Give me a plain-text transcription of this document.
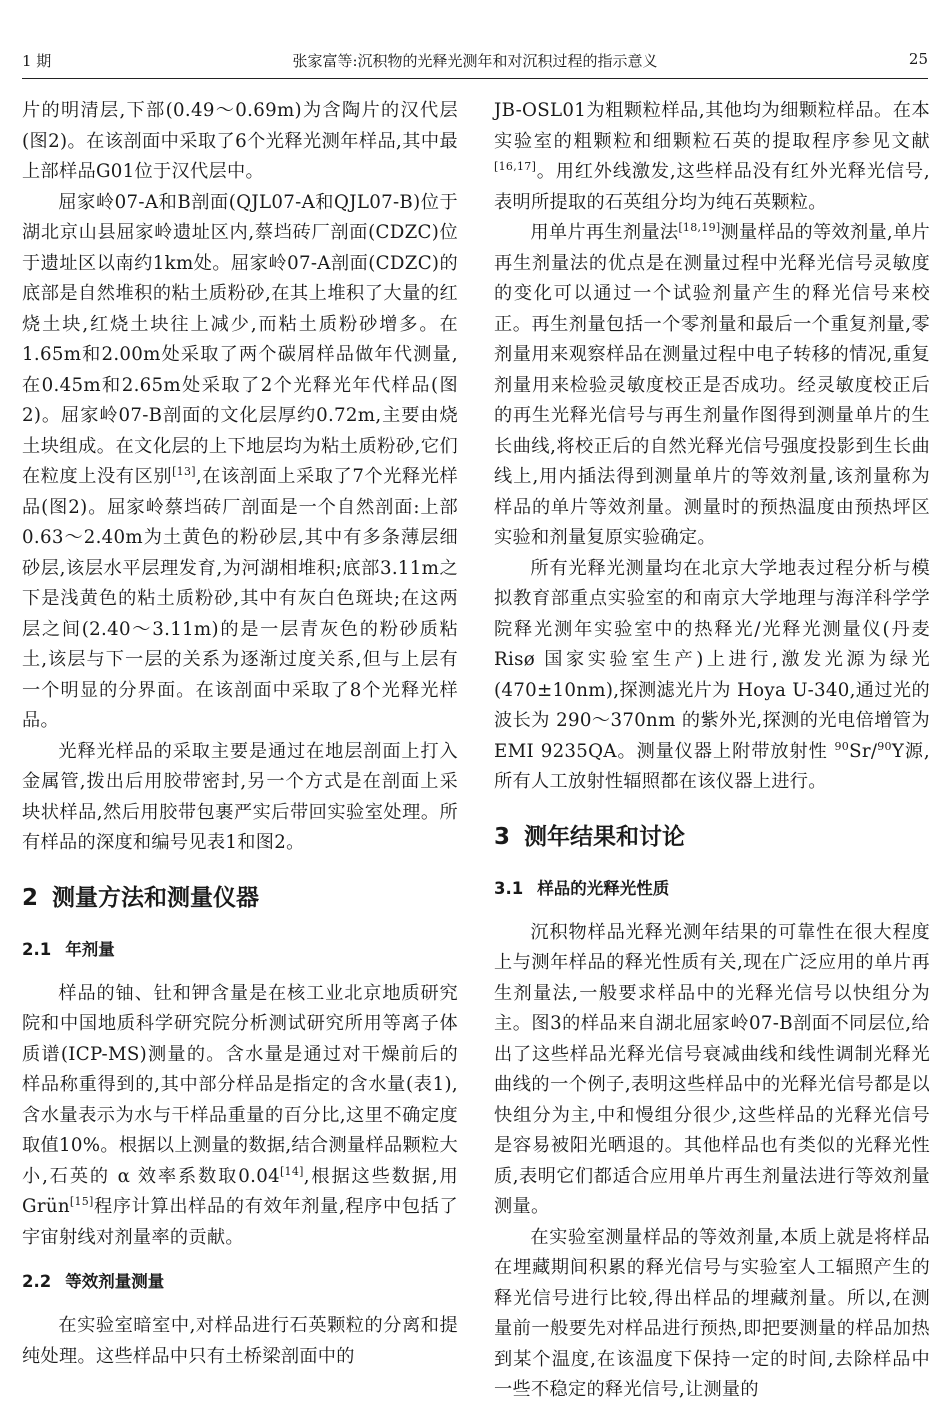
1 期	张家富等:沉积物的光释光测年和对沉积过程的指示意义	25

片的明清层,下部(0.49～0.69m)为含陶片的汉代层(图2)。在该剖面中采取了6个光释光测年样品,其中最上部样品G01位于汉代层中。

屈家岭07-A和B剖面(QJL07-A和QJL07-B)位于湖北京山县屈家岭遗址区内,蔡垱砖厂剖面(CDZC)位于遗址区以南约1km处。屈家岭07-A剖面(CDZC)的底部是自然堆积的粘土质粉砂,在其上堆积了大量的红烧土块,红烧土块往上减少,而粘土质粉砂增多。在1.65m和2.00m处采取了两个碳屑样品做年代测量,在0.45m和2.65m处采取了2个光释光年代样品(图2)。屈家岭07-B剖面的文化层厚约0.72m,主要由烧土块组成。在文化层的上下地层均为粘土质粉砂,它们在粒度上没有区别[13],在该剖面上采取了7个光释光样品(图2)。屈家岭蔡垱砖厂剖面是一个自然剖面:上部0.63～2.40m为土黄色的粉砂层,其中有多条薄层细砂层,该层水平层理发育,为河湖相堆积;底部3.11m之下是浅黄色的粘土质粉砂,其中有灰白色斑块;在这两层之间(2.40～3.11m)的是一层青灰色的粉砂质粘土,该层与下一层的关系为逐渐过度关系,但与上层有一个明显的分界面。在该剖面中采取了8个光释光样品。

光释光样品的采取主要是通过在地层剖面上打入金属管,拨出后用胶带密封,另一个方式是在剖面上采块状样品,然后用胶带包裹严实后带回实验室处理。所有样品的深度和编号见表1和图2。

2 测量方法和测量仪器
2.1 年剂量

样品的铀、钍和钾含量是在核工业北京地质研究院和中国地质科学研究院分析测试研究所用等离子体质谱(ICP-MS)测量的。含水量是通过对干燥前后的样品称重得到的,其中部分样品是指定的含水量(表1),含水量表示为水与干样品重量的百分比,这里不确定度取值10%。根据以上测量的数据,结合测量样品颗粒大小,石英的 α 效率系数取0.04[14],根据这些数据,用Grün[15]程序计算出样品的有效年剂量,程序中包括了宇宙射线对剂量率的贡献。

2.2 等效剂量测量

在实验室暗室中,对样品进行石英颗粒的分离和提纯处理。这些样品中只有土桥梁剖面中的

JB-OSL01为粗颗粒样品,其他均为细颗粒样品。在本实验室的粗颗粒和细颗粒石英的提取程序参见文献[16,17]。用红外线激发,这些样品没有红外光释光信号,表明所提取的石英组分均为纯石英颗粒。

用单片再生剂量法[18,19]测量样品的等效剂量,单片再生剂量法的优点是在测量过程中光释光信号灵敏度的变化可以通过一个试验剂量产生的释光信号来校正。再生剂量包括一个零剂量和最后一个重复剂量,零剂量用来观察样品在测量过程中电子转移的情况,重复剂量用来检验灵敏度校正是否成功。经灵敏度校正后的再生光释光信号与再生剂量作图得到测量单片的生长曲线,将校正后的自然光释光信号强度投影到生长曲线上,用内插法得到测量单片的等效剂量,该剂量称为样品的单片等效剂量。测量时的预热温度由预热坪区实验和剂量复原实验确定。

所有光释光测量均在北京大学地表过程分析与模拟教育部重点实验室的和南京大学地理与海洋科学学院释光测年实验室中的热释光/光释光测量仪(丹麦 Risø 国家实验室生产)上进行,激发光源为绿光(470±10nm),探测滤光片为 Hoya U-340,通过光的波长为 290～370nm 的紫外光,探测的光电倍增管为 EMI 9235QA。测量仪器上附带放射性 $^{90}$Sr/$^{90}$Y源,所有人工放射性辐照都在该仪器上进行。

3 测年结果和讨论
3.1 样品的光释光性质

沉积物样品光释光测年结果的可靠性在很大程度上与测年样品的释光性质有关,现在广泛应用的单片再生剂量法,一般要求样品中的光释光信号以快组分为主。图3的样品来自湖北屈家岭07-B剖面不同层位,给出了这些样品光释光信号衰减曲线和线性调制光释光曲线的一个例子,表明这些样品中的光释光信号都是以快组分为主,中和慢组分很少,这些样品的光释光信号是容易被阳光晒退的。其他样品也有类似的光释光性质,表明它们都适合应用单片再生剂量法进行等效剂量测量。

在实验室测量样品的等效剂量,本质上就是将样品在埋藏期间积累的释光信号与实验室人工辐照产生的释光信号进行比较,得出样品的埋藏剂量。所以,在测量前一般要先对样品进行预热,即把要测量的样品加热到某个温度,在该温度下保持一定的时间,去除样品中一些不稳定的释光信号,让测量的
